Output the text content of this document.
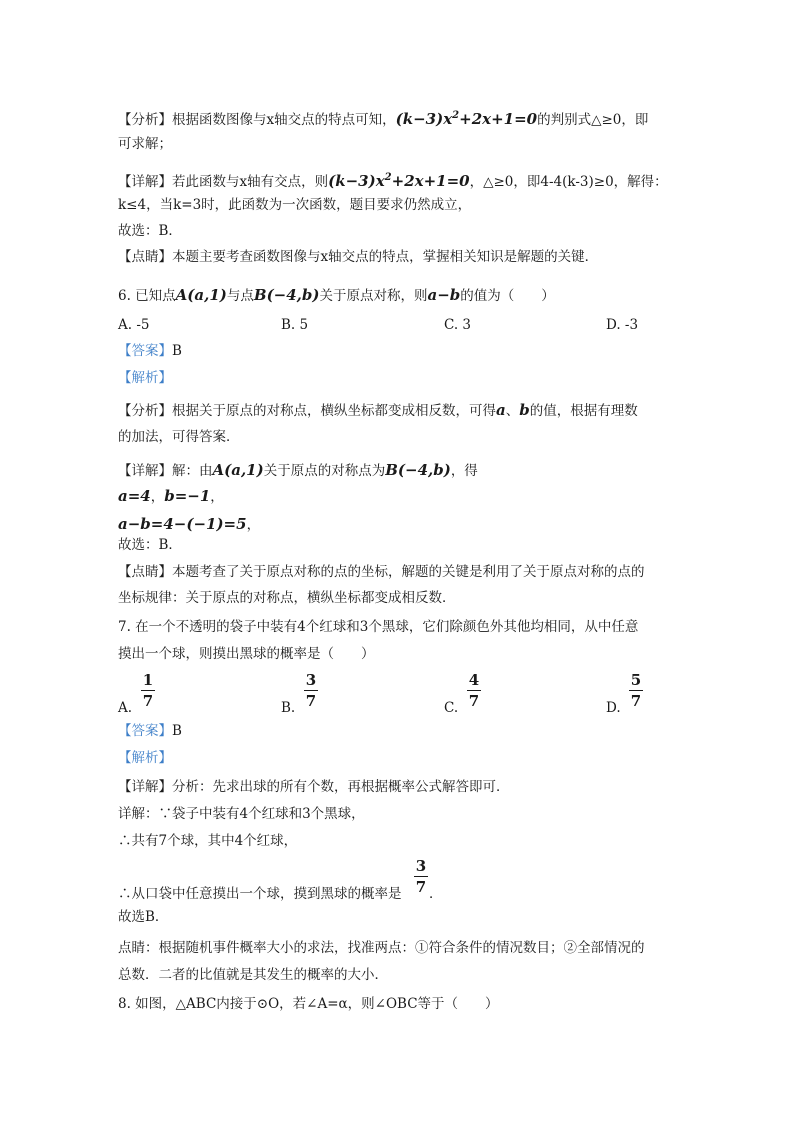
【分析】根据函数图像与x轴交点的特点可知，$(k-3)x^2+2x+1=0$的判别式△≥0，即
可求解；
【详解】若此函数与x轴有交点，则$(k-3)x^2+2x+1=0$，△≥0，即4-4(k-3)≥0，解得：
k≤4，当k=3时，此函数为一次函数，题目要求仍然成立，
故选：B．
【点睛】本题主要考查函数图像与x轴交点的特点，掌握相关知识是解题的关键．
6. 已知点A(a,1)与点B(−4,b)关于原点对称，则a−b的值为（　　）
A. -5	B. 5	C. 3	D. -3
【答案】B
【解析】
【分析】根据关于原点的对称点，横纵坐标都变成相反数，可得a、b的值，根据有理数
的加法，可得答案．
【详解】解：由A(a,1)关于原点的对称点为B(−4,b)，得
a=4，b=−1，
a−b=4−(−1)=5，
故选：B．
【点睛】本题考查了关于原点对称的点的坐标，解题的关键是利用了关于原点对称的点的
坐标规律：关于原点的对称点，横纵坐标都变成相反数．
7. 在一个不透明的袋子中装有4个红球和3个黑球，它们除颜色外其他均相同，从中任意
摸出一个球，则摸出黑球的概率是（　　）
A.
1
7	B.
3
7	C.
4
7	D.
5
7
【答案】B
【解析】
【详解】分析：先求出球的所有个数，再根据概率公式解答即可．
详解：∵袋子中装有4个红球和3个黑球，
∴共有7个球，其中4个红球，
∴从口袋中任意摸出一个球，摸到黑球的概率是
3
7 ．
故选B．
点睛：根据随机事件概率大小的求法，找准两点：①符合条件的情况数目；②全部情况的
总数．二者的比值就是其发生的概率的大小．
8. 如图，△ABC内接于⊙O，若∠A=α，则∠OBC等于（　　）
